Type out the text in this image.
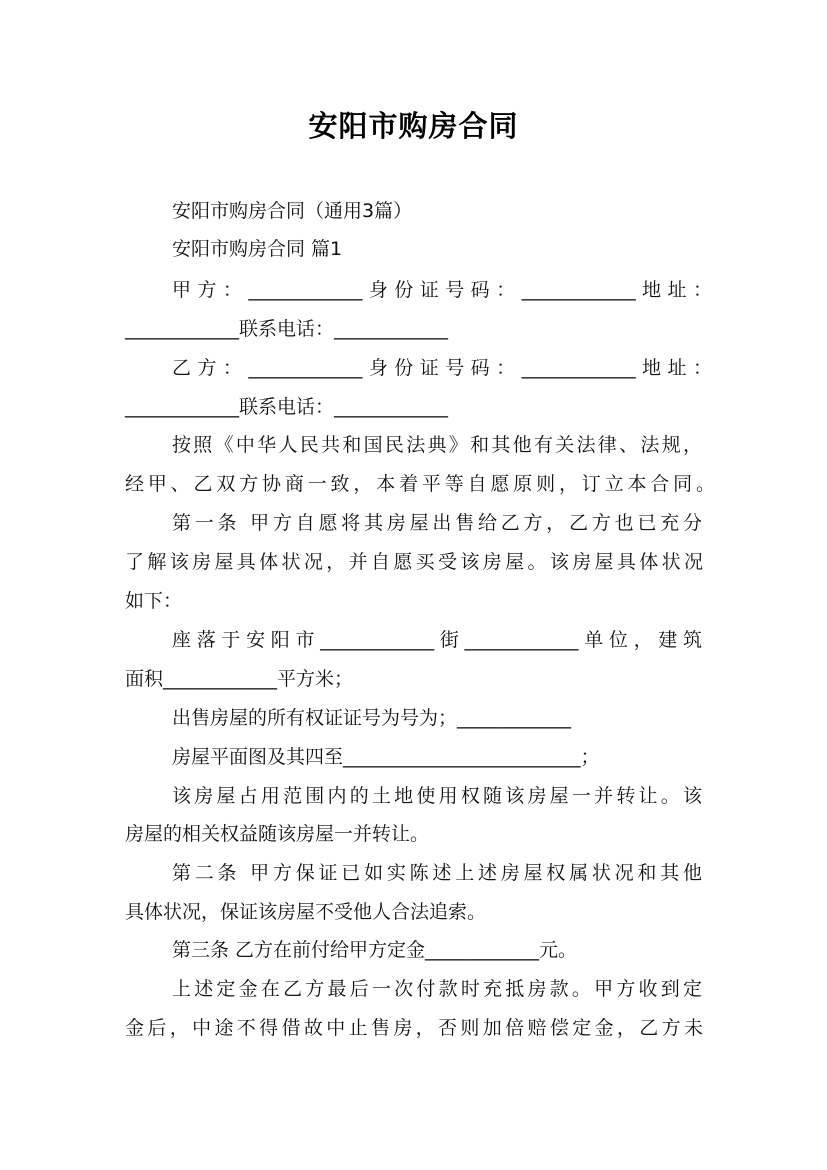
安阳市购房合同
安阳市购房合同（通用3篇）
安阳市购房合同 篇1
甲方：____________身份证号码：____________地址：
____________联系电话：____________
乙方：____________身份证号码：____________地址：
____________联系电话：____________
按照《中华人民共和国民法典》和其他有关法律、法规，
经甲、乙双方协商一致，本着平等自愿原则，订立本合同。
第一条 甲方自愿将其房屋出售给乙方，乙方也已充分
了解该房屋具体状况，并自愿买受该房屋。该房屋具体状况
如下：
座落于安阳市____________街____________单位，建筑
面积____________平方米；
出售房屋的所有权证证号为号为；____________
房屋平面图及其四至_________________________；
该房屋占用范围内的土地使用权随该房屋一并转让。该
房屋的相关权益随该房屋一并转让。
第二条 甲方保证已如实陈述上述房屋权属状况和其他
具体状况，保证该房屋不受他人合法追索。
第三条 乙方在前付给甲方定金____________元。
上述定金在乙方最后一次付款时充抵房款。甲方收到定
金后，中途不得借故中止售房，否则加倍赔偿定金，乙方未
